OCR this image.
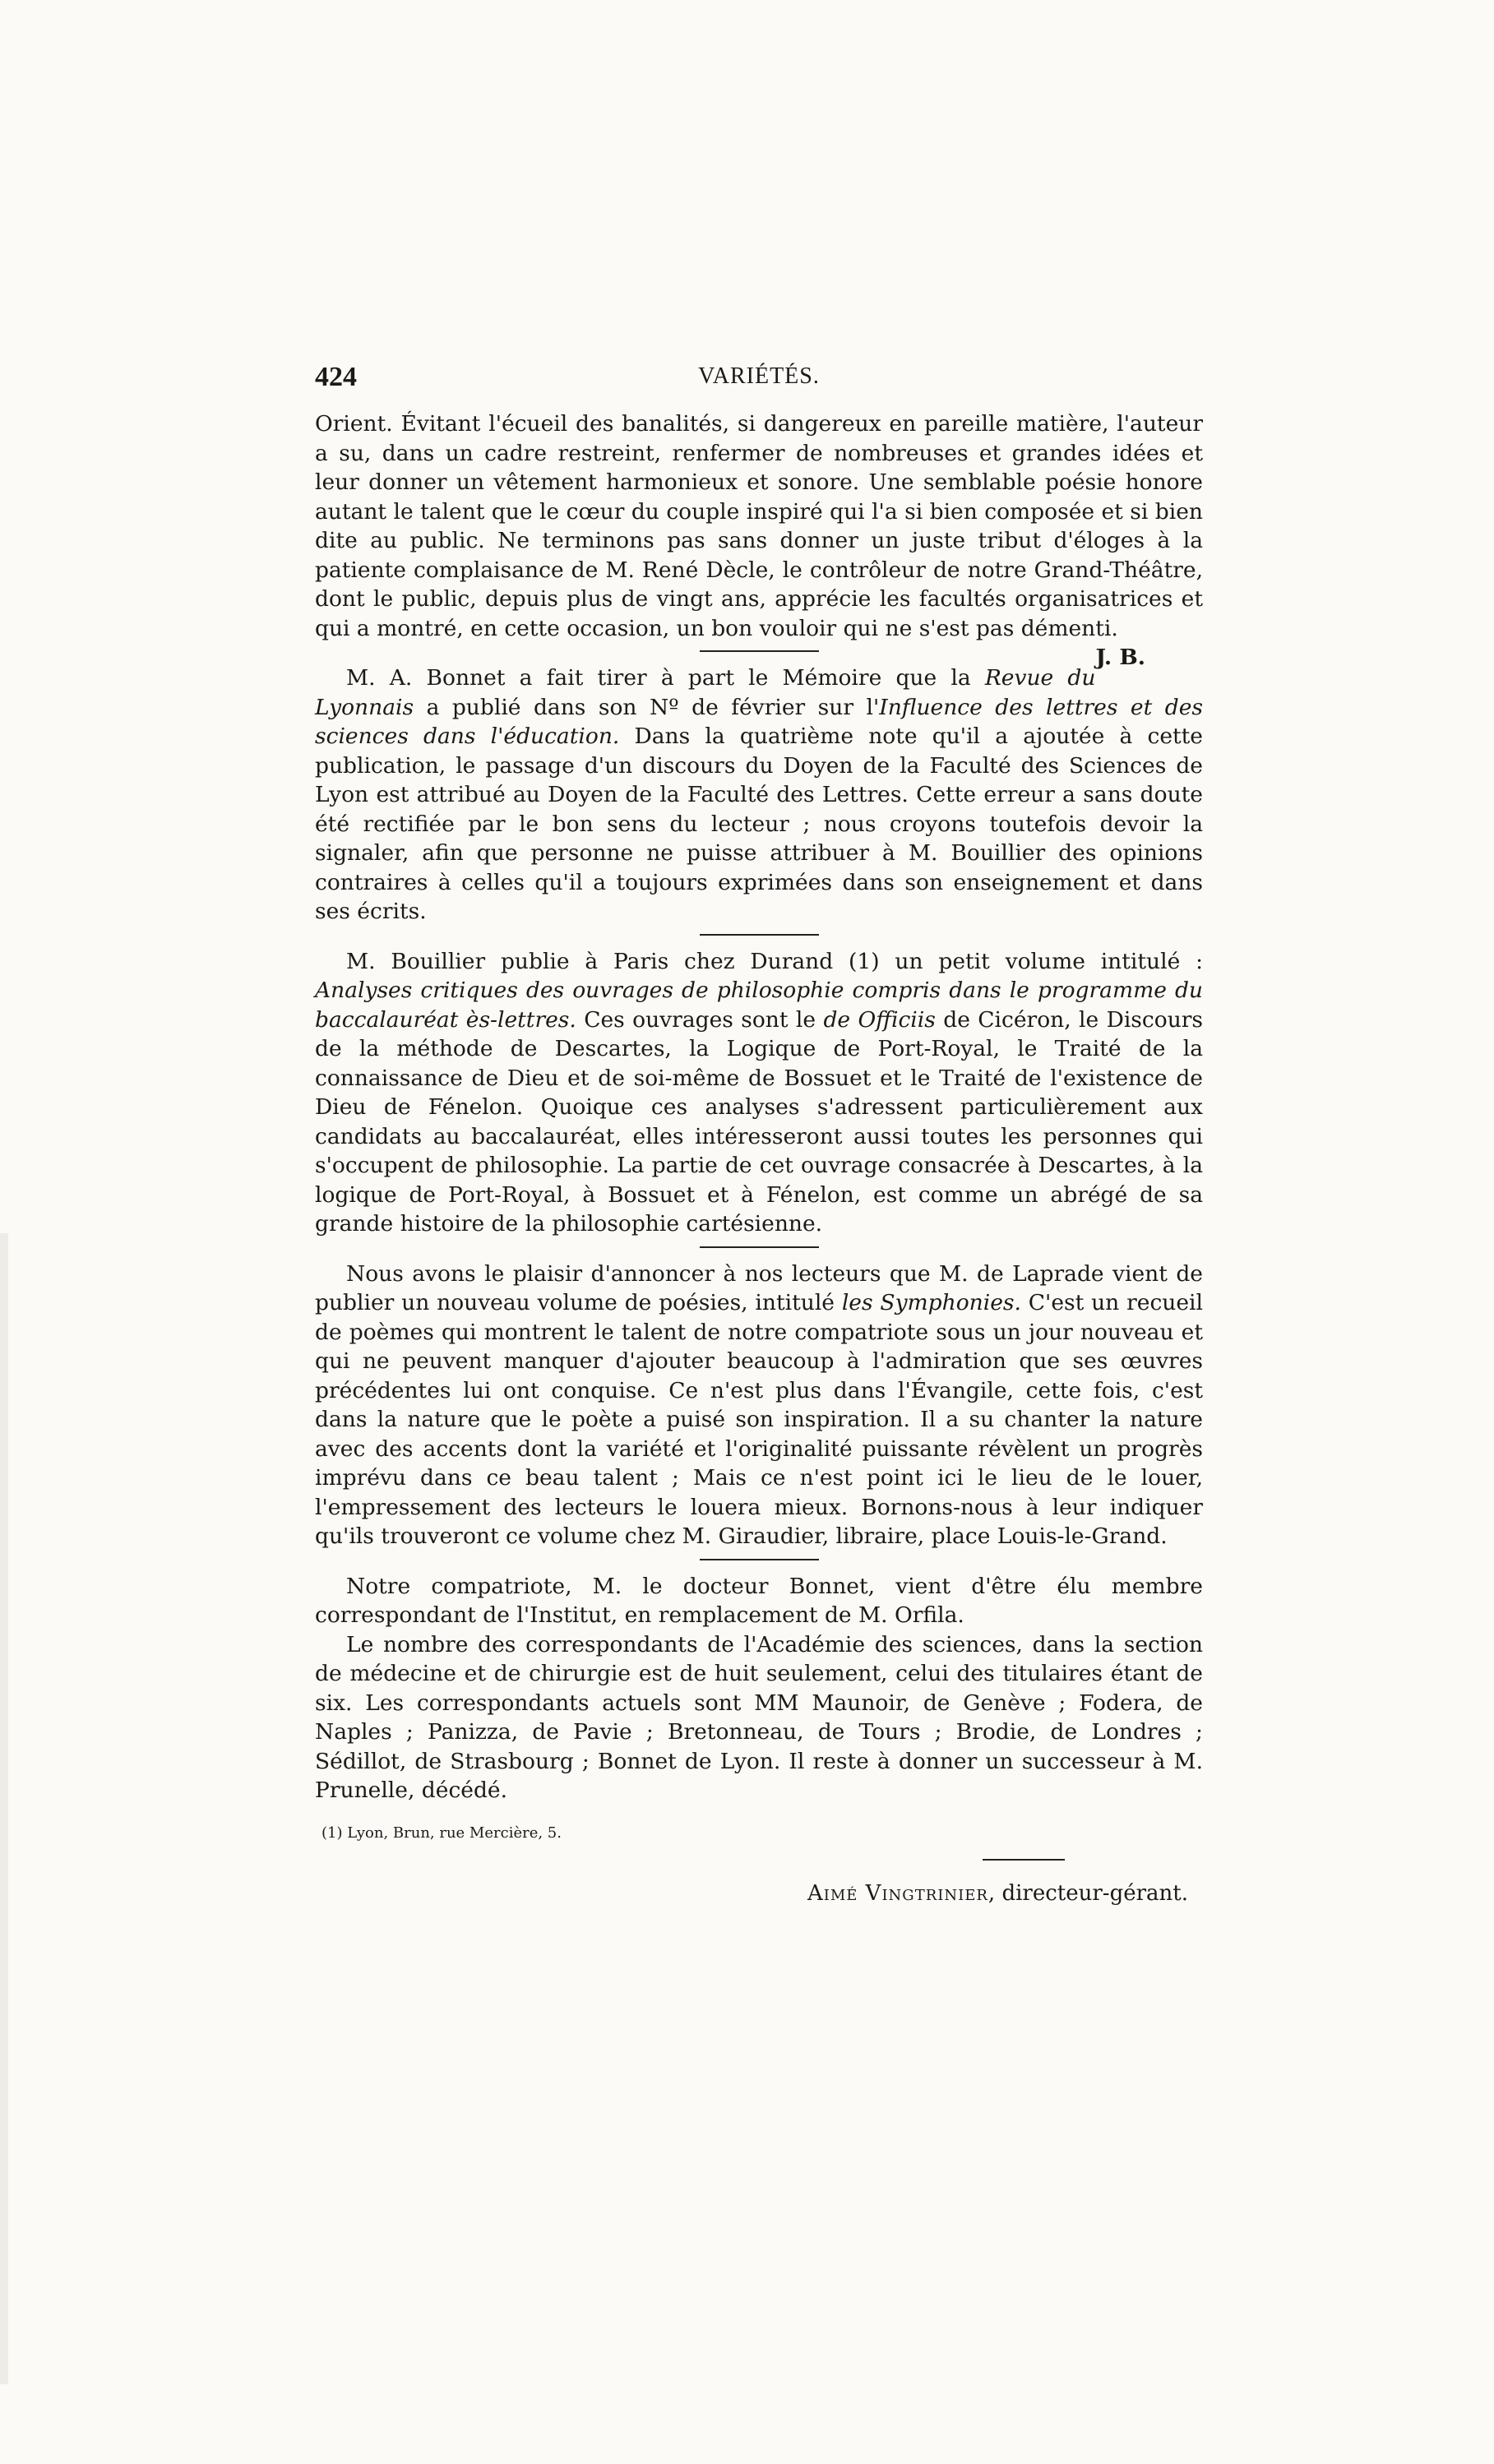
424	VARIÉTÉS.

Orient. Évitant l'écueil des banalités, si dangereux en pareille matière, l'auteur a su, dans un cadre restreint, renfermer de nombreuses et grandes idées et leur donner un vêtement harmonieux et sonore. Une semblable poésie honore autant le talent que le cœur du couple inspiré qui l'a si bien composée et si bien dite au public. Ne terminons pas sans donner un juste tribut d'éloges à la patiente complaisance de M. René Dècle, le contrôleur de notre Grand-Théâtre, dont le public, depuis plus de vingt ans, apprécie les facultés organisatrices et qui a montré, en cette occasion, un bon vouloir qui ne s'est pas démenti.
J. B.

M. A. Bonnet a fait tirer à part le Mémoire que la Revue du Lyonnais a publié dans son Nº de février sur l'Influence des lettres et des sciences dans l'éducation. Dans la quatrième note qu'il a ajoutée à cette publication, le passage d'un discours du Doyen de la Faculté des Sciences de Lyon est attribué au Doyen de la Faculté des Lettres. Cette erreur a sans doute été rectifiée par le bon sens du lecteur ; nous croyons toutefois devoir la signaler, afin que personne ne puisse attribuer à M. Bouillier des opinions contraires à celles qu'il a toujours exprimées dans son enseignement et dans ses écrits.

M. Bouillier publie à Paris chez Durand (1) un petit volume intitulé : Analyses critiques des ouvrages de philosophie compris dans le programme du baccalauréat ès-lettres. Ces ouvrages sont le de Officiis de Cicéron, le Discours de la méthode de Descartes, la Logique de Port-Royal, le Traité de la connaissance de Dieu et de soi-même de Bossuet et le Traité de l'existence de Dieu de Fénelon. Quoique ces analyses s'adressent particulièrement aux candidats au baccalauréat, elles intéresseront aussi toutes les personnes qui s'occupent de philosophie. La partie de cet ouvrage consacrée à Descartes, à la logique de Port-Royal, à Bossuet et à Fénelon, est comme un abrégé de sa grande histoire de la philosophie cartésienne.

Nous avons le plaisir d'annoncer à nos lecteurs que M. de Laprade vient de publier un nouveau volume de poésies, intitulé les Symphonies. C'est un recueil de poèmes qui montrent le talent de notre compatriote sous un jour nouveau et qui ne peuvent manquer d'ajouter beaucoup à l'admiration que ses œuvres précédentes lui ont conquise. Ce n'est plus dans l'Évangile, cette fois, c'est dans la nature que le poète a puisé son inspiration. Il a su chanter la nature avec des accents dont la variété et l'originalité puissante révèlent un progrès imprévu dans ce beau talent ; Mais ce n'est point ici le lieu de le louer, l'empressement des lecteurs le louera mieux. Bornons-nous à leur indiquer qu'ils trouveront ce volume chez M. Giraudier, libraire, place Louis-le-Grand.

Notre compatriote, M. le docteur Bonnet, vient d'être élu membre correspondant de l'Institut, en remplacement de M. Orfila.

Le nombre des correspondants de l'Académie des sciences, dans la section de médecine et de chirurgie est de huit seulement, celui des titulaires étant de six. Les correspondants actuels sont MM Maunoir, de Genève ; Fodera, de Naples ; Panizza, de Pavie ; Bretonneau, de Tours ; Brodie, de Londres ; Sédillot, de Strasbourg ; Bonnet de Lyon. Il reste à donner un successeur à M. Prunelle, décédé.

(1) Lyon, Brun, rue Mercière, 5.

Aimé Vingtrinier, directeur-gérant.
